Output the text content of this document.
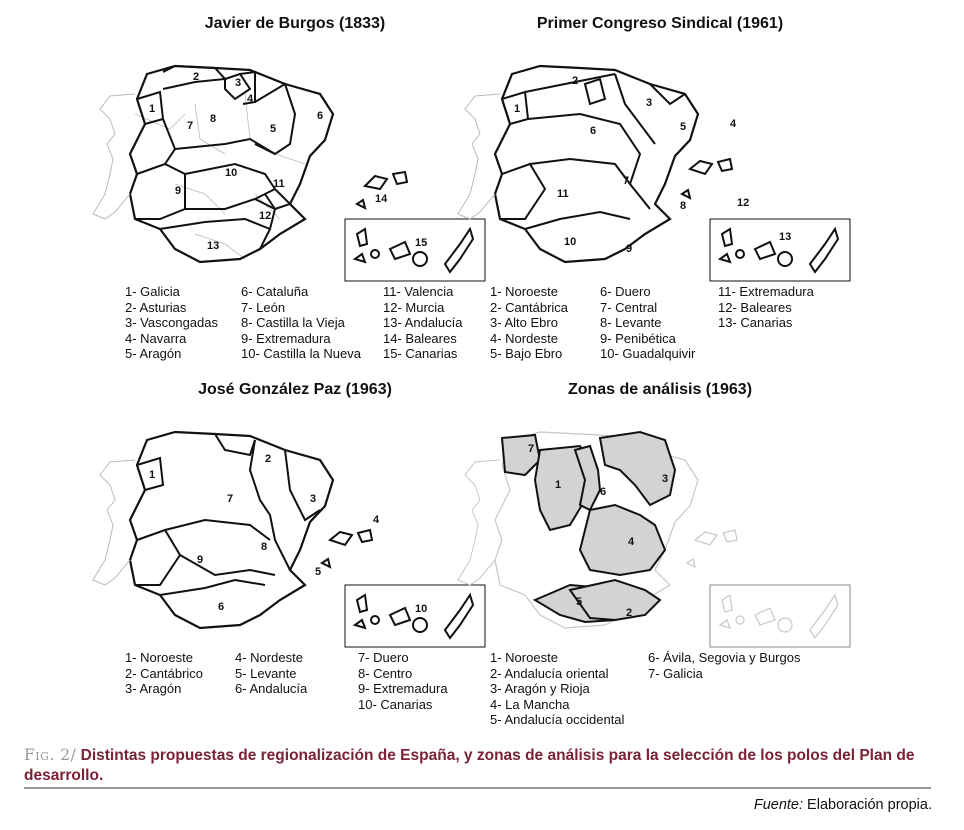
Javier de Burgos (1833)
1
2	3
4
5
6
7
8
9
10
11
12
13
14
15
1- Galicia
2- Asturias
3- Vascongadas
4- Navarra
5- Aragón
6- Cataluña
7- León
8- Castilla la Vieja
9- Extremadura
10- Castilla la Nueva
11- Valencia
12- Murcia
13- Andalucía
14- Baleares
15- Canarias
Primer Congreso Sindical (1961)
1
2
3
4
5
6
7
8
9
10
11
12
13
1- Noroeste
2- Cantábrica
3- Alto Ebro
4- Nordeste
5- Bajo Ebro
6- Duero
7- Central
8- Levante
9- Penibética
10- Guadalquivir
11- Extremadura
12- Baleares
13- Canarias
José González Paz (1963)
1
2
3
4
5
6
7
8
9
10
1- Noroeste
2- Cantábrico
3- Aragón
4- Nordeste
5- Levante
6- Andalucía
7- Duero
8- Centro
9- Extremadura
10- Canarias
Zonas de análisis (1963)
1
2
3
4
5
6
7
1- Noroeste
2- Andalucía oriental
3- Aragón y Rioja
4- La Mancha
5- Andalucía occidental
6- Ávila, Segovia y Burgos
7- Galicia
Fig. 2/ Distintas propuestas de regionalización de España, y zonas de análisis para la selección de los polos del Plan de desarrollo.
Fuente: Elaboración propia.
